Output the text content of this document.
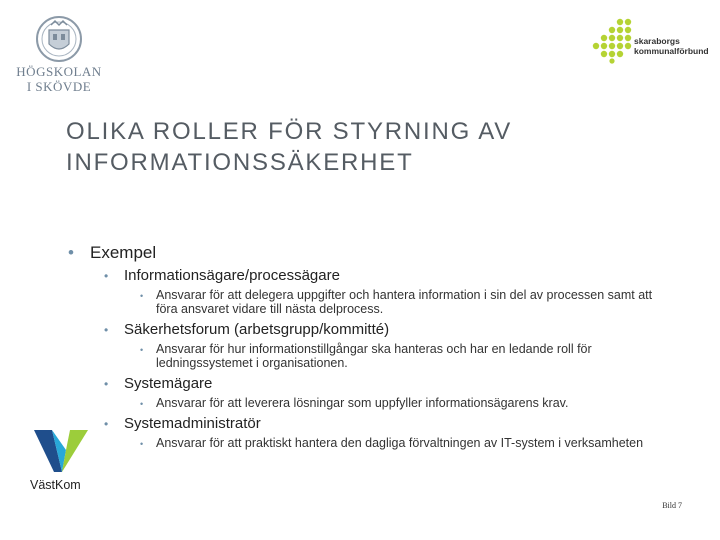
HÖGSKOLAN
I SKÖVDE
skaraborgs
kommunalförbund
OLIKA ROLLER FÖR STYRNING AV
INFORMATIONSSÄKERHET
• Exempel
• Informationsägare/processägare
• Ansvarar för att delegera uppgifter och hantera information i sin del av processen samt att föra ansvaret vidare till nästa delprocess.
• Säkerhetsforum (arbetsgrupp/kommitté)
• Ansvarar för hur informationstillgångar ska hanteras och har en ledande roll för ledningssystemet i organisationen.
• Systemägare
• Ansvarar för att leverera lösningar som uppfyller informationsägarens krav.
• Systemadministratör
• Ansvarar för att praktiskt hantera den dagliga förvaltningen av IT-system i verksamheten
VästKom
Bild 7
